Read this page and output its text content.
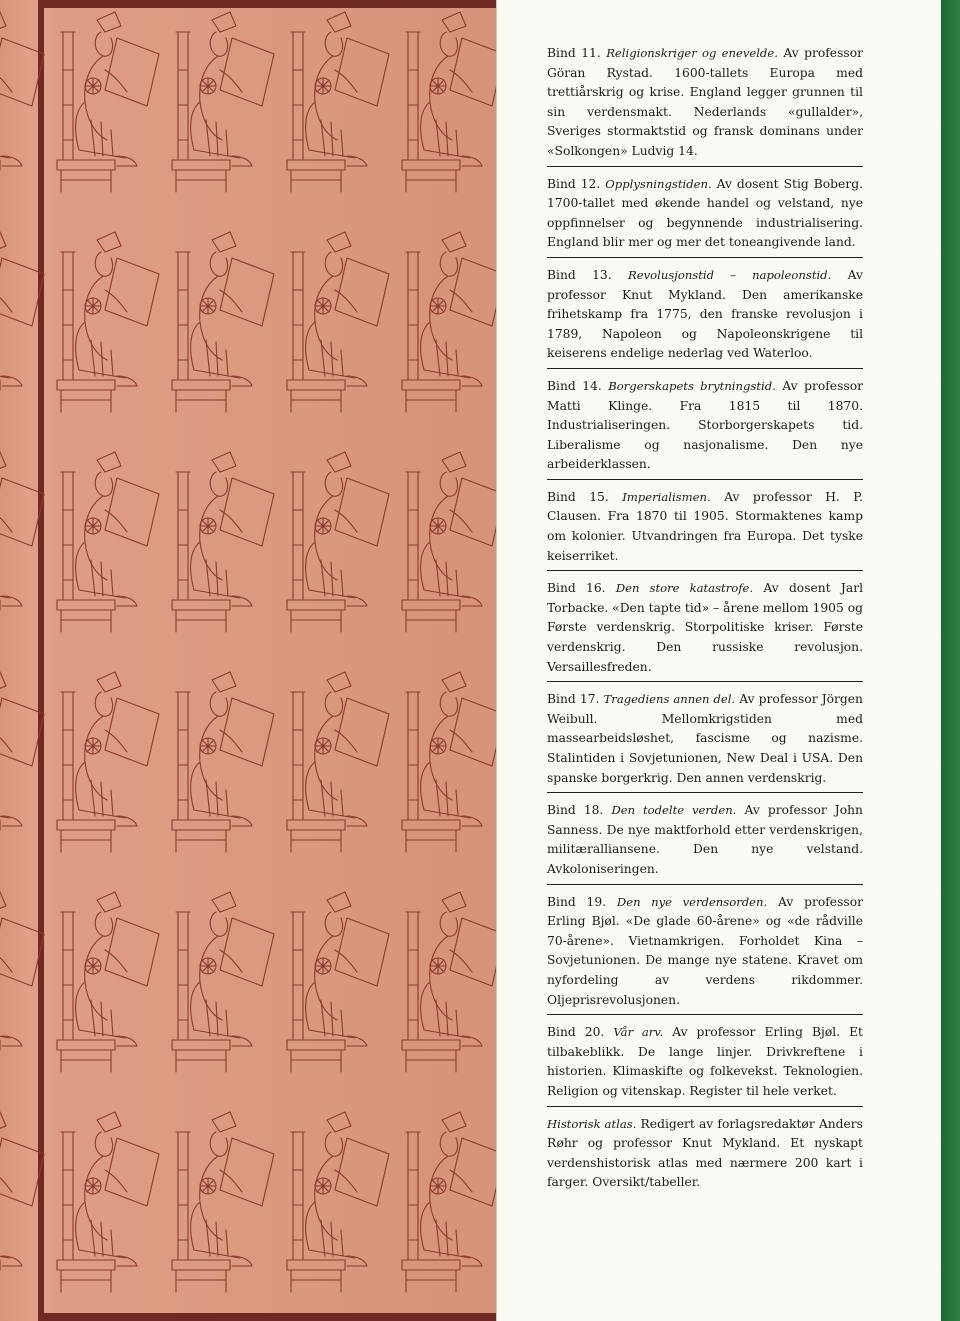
Bind 11. Religionskriger og enevelde. Av professor Göran Rystad. 1600-tallets Europa med trettiårskrig og krise. England legger grunnen til sin verdensmakt. Nederlands «gullalder», Sveriges stormaktstid og fransk dominans under «Solkongen» Ludvig 14.

Bind 12. Opplysningstiden. Av dosent Stig Boberg. 1700-tallet med økende handel og velstand, nye oppfinnelser og begynnende industrialisering. England blir mer og mer det toneangivende land.

Bind 13. Revolusjonstid – napoleonstid. Av professor Knut Mykland. Den amerikanske frihetskamp fra 1775, den franske revolusjon i 1789, Napoleon og Napoleonskrigene til keiserens endelige nederlag ved Waterloo.

Bind 14. Borgerskapets brytningstid. Av professor Matti Klinge. Fra 1815 til 1870. Industrialiseringen. Storborgerskapets tid. Liberalisme og nasjonalisme. Den nye arbeiderklassen.

Bind 15. Imperialismen. Av professor H. P. Clausen. Fra 1870 til 1905. Stormaktenes kamp om kolonier. Utvandringen fra Europa. Det tyske keiserriket.

Bind 16. Den store katastrofe. Av dosent Jarl Torbacke. «Den tapte tid» – årene mellom 1905 og Første verdenskrig. Storpolitiske kriser. Første verdenskrig. Den russiske revolusjon. Versaillesfreden.

Bind 17. Tragediens annen del. Av professor Jörgen Weibull. Mellomkrigstiden med massearbeidsløshet, fascisme og nazisme. Stalintiden i Sovjetunionen, New Deal i USA. Den spanske borgerkrig. Den annen verdenskrig.

Bind 18. Den todelte verden. Av professor John Sanness. De nye maktforhold etter verdenskrigen, militæralliansene. Den nye velstand. Avkoloniseringen.

Bind 19. Den nye verdensorden. Av professor Erling Bjøl. «De glade 60-årene» og «de rådville 70-årene». Vietnamkrigen. Forholdet Kina – Sovjetunionen. De mange nye statene. Kravet om nyfordeling av verdens rikdommer. Oljeprisrevolusjonen.

Bind 20. Vår arv. Av professor Erling Bjøl. Et tilbakeblikk. De lange linjer. Drivkreftene i historien. Klimaskifte og folkevekst. Teknologien. Religion og vitenskap. Register til hele verket.

Historisk atlas. Redigert av forlagsredaktør Anders Røhr og professor Knut Mykland. Et nyskapt verdenshistorisk atlas med nærmere 200 kart i farger. Oversikt/tabeller.
